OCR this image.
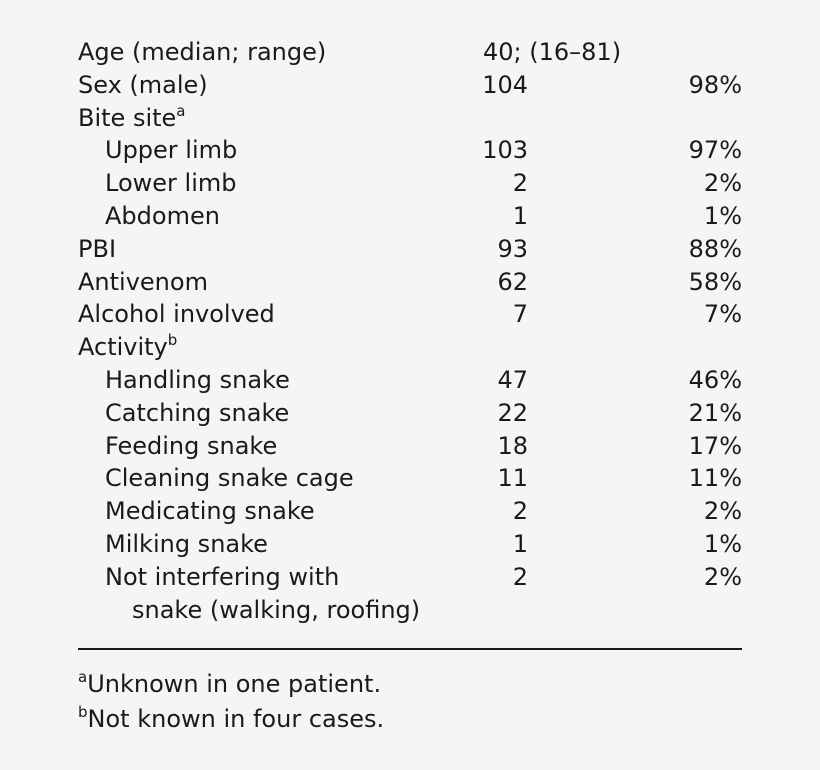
Age (median; range)	40; (16–81)
Sex (male)	104	98%
Bite site$^a$
Upper limb	103	97%
Lower limb	2	2%
Abdomen	1	1%
PBI	93	88%
Antivenom	62	58%
Alcohol involved	7	7%
Activity$^b$
Handling snake	47	46%
Catching snake	22	21%
Feeding snake	18	17%
Cleaning snake cage	11	11%
Medicating snake	2	2%
Milking snake	1	1%
Not interfering with	2	2%
snake (walking, roofing)
$^a$Unknown in one patient.
$^b$Not known in four cases.
